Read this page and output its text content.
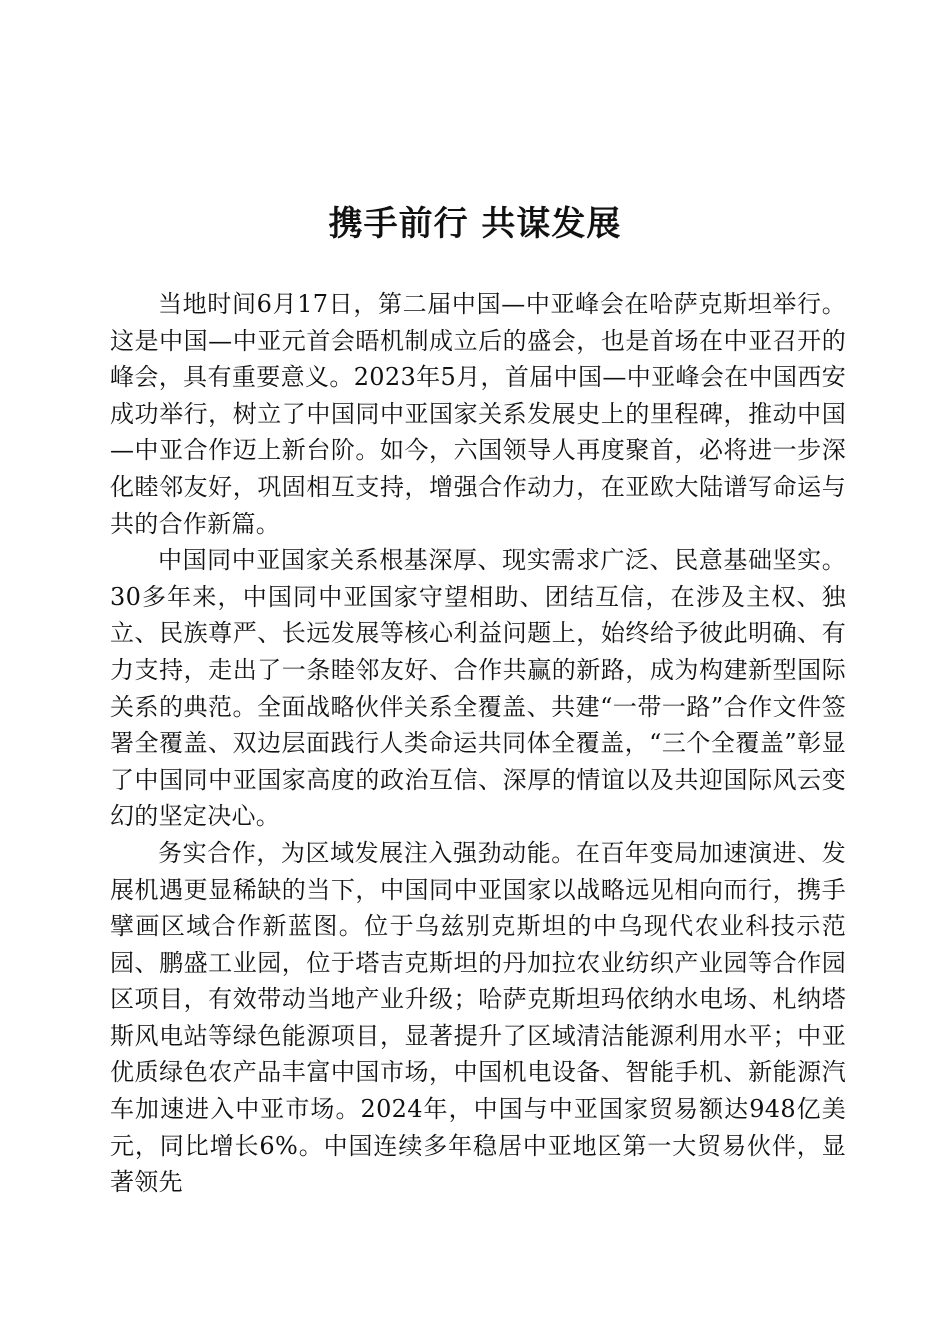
携手前行 共谋发展

当地时间6月17日，第二届中国—中亚峰会在哈萨克斯坦举行。这是中国—中亚元首会晤机制成立后的盛会，也是首场在中亚召开的峰会，具有重要意义。2023年5月，首届中国—中亚峰会在中国西安成功举行，树立了中国同中亚国家关系发展史上的里程碑，推动中国—中亚合作迈上新台阶。如今，六国领导人再度聚首，必将进一步深化睦邻友好，巩固相互支持，增强合作动力，在亚欧大陆谱写命运与共的合作新篇。

中国同中亚国家关系根基深厚、现实需求广泛、民意基础坚实。30多年来，中国同中亚国家守望相助、团结互信，在涉及主权、独立、民族尊严、长远发展等核心利益问题上，始终给予彼此明确、有力支持，走出了一条睦邻友好、合作共赢的新路，成为构建新型国际关系的典范。全面战略伙伴关系全覆盖、共建“一带一路”合作文件签署全覆盖、双边层面践行人类命运共同体全覆盖，“三个全覆盖”彰显了中国同中亚国家高度的政治互信、深厚的情谊以及共迎国际风云变幻的坚定决心。

务实合作，为区域发展注入强劲动能。在百年变局加速演进、发展机遇更显稀缺的当下，中国同中亚国家以战略远见相向而行，携手擘画区域合作新蓝图。位于乌兹别克斯坦的中乌现代农业科技示范园、鹏盛工业园，位于塔吉克斯坦的丹加拉农业纺织产业园等合作园区项目，有效带动当地产业升级；哈萨克斯坦玛依纳水电场、札纳塔斯风电站等绿色能源项目，显著提升了区域清洁能源利用水平；中亚优质绿色农产品丰富中国市场，中国机电设备、智能手机、新能源汽车加速进入中亚市场。2024年，中国与中亚国家贸易额达948亿美元，同比增长6%。中国连续多年稳居中亚地区第一大贸易伙伴，显著领先
